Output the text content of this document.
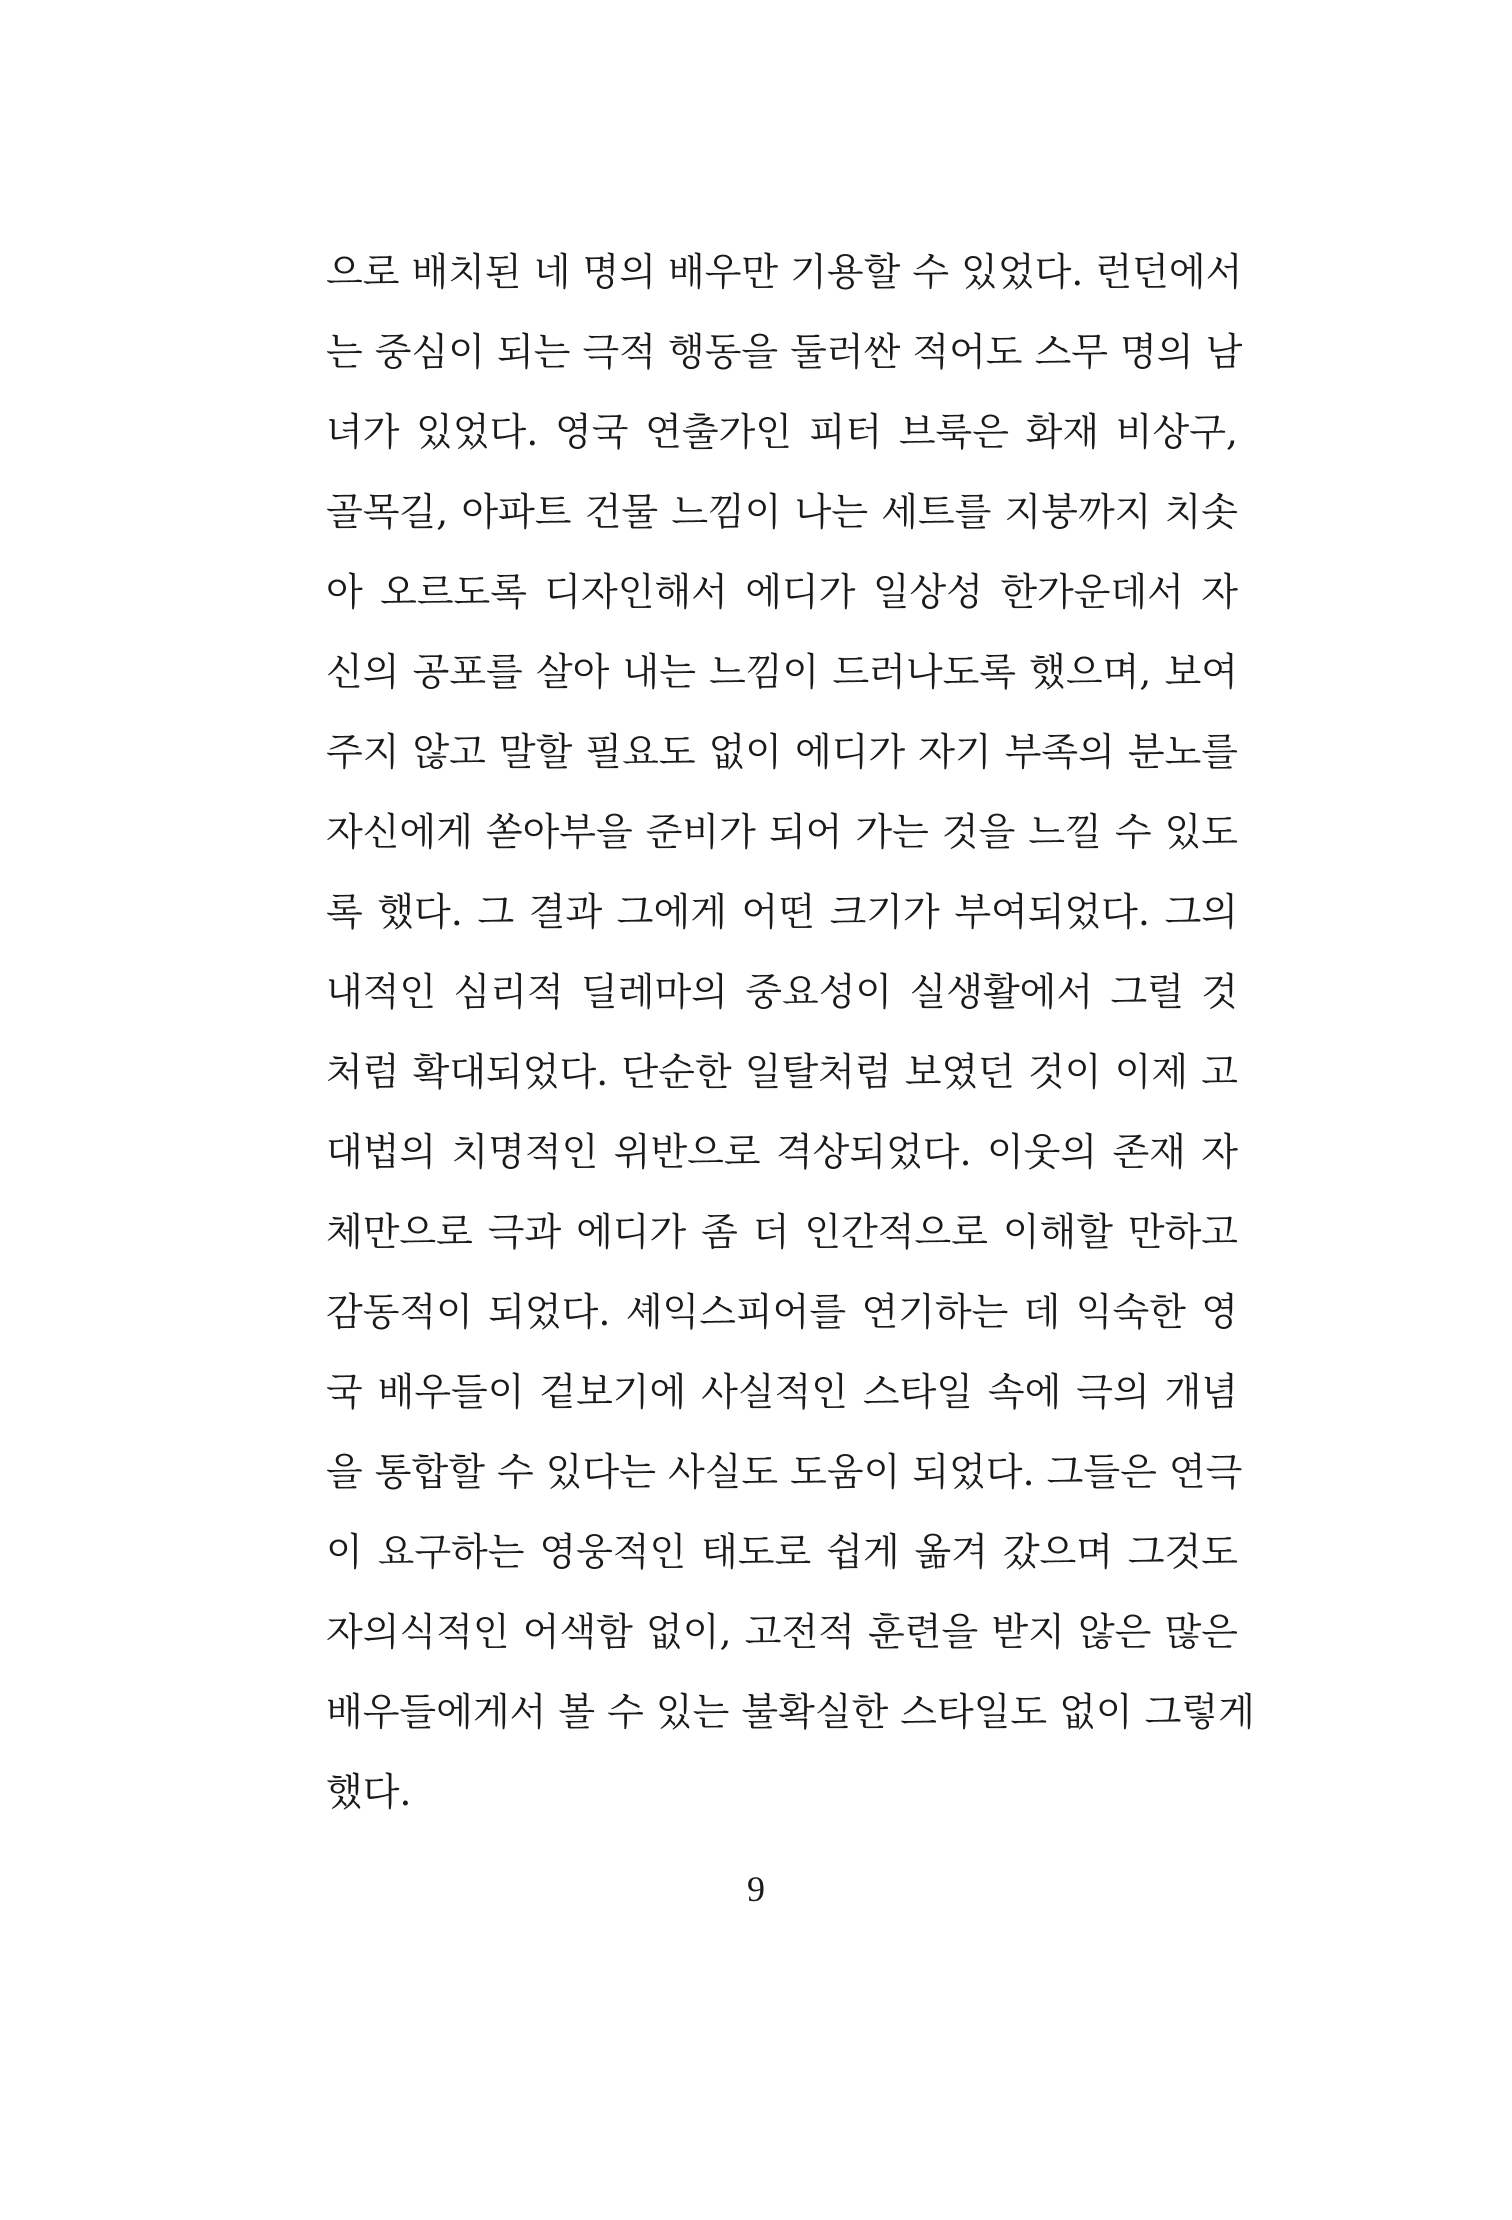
으로 배치된 네 명의 배우만 기용할 수 있었다. 런던에서
는 중심이 되는 극적 행동을 둘러싼 적어도 스무 명의 남
녀가 있었다. 영국 연출가인 피터 브룩은 화재 비상구,
골목길, 아파트 건물 느낌이 나는 세트를 지붕까지 치솟
아 오르도록 디자인해서 에디가 일상성 한가운데서 자
신의 공포를 살아 내는 느낌이 드러나도록 했으며, 보여
주지 않고 말할 필요도 없이 에디가 자기 부족의 분노를
자신에게 쏟아부을 준비가 되어 가는 것을 느낄 수 있도
록 했다. 그 결과 그에게 어떤 크기가 부여되었다. 그의
내적인 심리적 딜레마의 중요성이 실생활에서 그럴 것
처럼 확대되었다. 단순한 일탈처럼 보였던 것이 이제 고
대법의 치명적인 위반으로 격상되었다. 이웃의 존재 자
체만으로 극과 에디가 좀 더 인간적으로 이해할 만하고
감동적이 되었다. 셰익스피어를 연기하는 데 익숙한 영
국 배우들이 겉보기에 사실적인 스타일 속에 극의 개념
을 통합할 수 있다는 사실도 도움이 되었다. 그들은 연극
이 요구하는 영웅적인 태도로 쉽게 옮겨 갔으며 그것도
자의식적인 어색함 없이, 고전적 훈련을 받지 않은 많은
배우들에게서 볼 수 있는 불확실한 스타일도 없이 그렇게
했다.
9
